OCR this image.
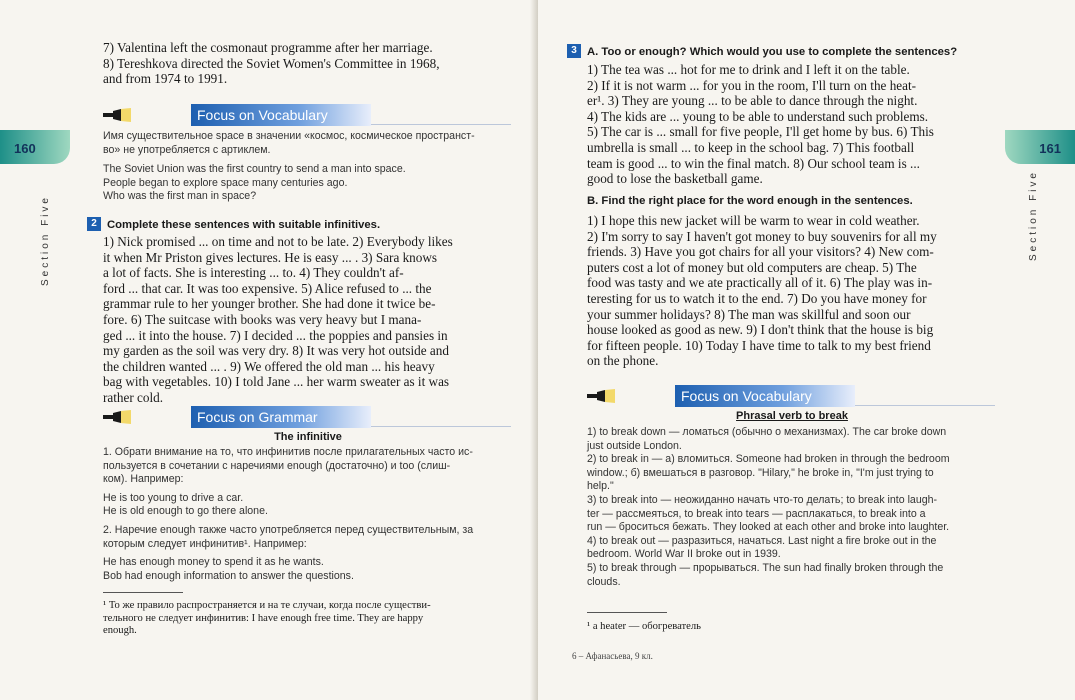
160
Section Five

7) Valentina left the cosmonaut programme after her marriage.

8) Tereshkova directed the Soviet Women's Committee in 1968,

and from 1974 to 1991.

Focus on Vocabulary

Имя существительное space в значении «космос, космическое пространст-

во» не употребляется с артиклем.

The Soviet Union was the first country to send a man into space.

People began to explore space many centuries ago.

Who was the first man in space?

2 Complete these sentences with suitable infinitives.

1) Nick promised ... on time and not to be late. 2) Everybody likes

it when Mr Priston gives lectures. He is easy ... . 3) Sara knows

a lot of facts. She is interesting ... to. 4) They couldn't af-

ford ... that car. It was too expensive. 5) Alice refused to ... the

grammar rule to her younger brother. She had done it twice be-

fore. 6) The suitcase with books was very heavy but I mana-

ged ... it into the house. 7) I decided ... the poppies and pansies in

my garden as the soil was very dry. 8) It was very hot outside and

the children wanted ... . 9) We offered the old man ... his heavy

bag with vegetables. 10) I told Jane ... her warm sweater as it was

rather cold.

Focus on Grammar
The infinitive

1. Обрати внимание на то, что инфинитив после прилагательных часто ис-

пользуется в сочетании с наречиями enough (достаточно) и too (слиш-

ком). Например:

He is too young to drive a car.

He is old enough to go there alone.

2. Наречие enough также часто употребляется перед существительным, за

которым следует инфинитив¹. Например:

He has enough money to spend it as he wants.

Bob had enough information to answer the questions.

¹ То же правило распространяется и на те случаи, когда после существи-

тельного не следует инфинитив: I have enough free time. They are happy

enough.

161
Section Five
3 A. Too or enough? Which would you use to complete the sentences?

1) The tea was ... hot for me to drink and I left it on the table.

2) If it is not warm ... for you in the room, I'll turn on the heat-

er¹. 3) They are young ... to be able to dance through the night.

4) The kids are ... young to be able to understand such problems.

5) The car is ... small for five people, I'll get home by bus. 6) This

umbrella is small ... to keep in the school bag. 7) This football

team is good ... to win the final match. 8) Our school team is ...

good to lose the basketball game.

B. Find the right place for the word enough in the sentences.

1) I hope this new jacket will be warm to wear in cold weather.

2) I'm sorry to say I haven't got money to buy souvenirs for all my

friends. 3) Have you got chairs for all your visitors? 4) New com-

puters cost a lot of money but old computers are cheap. 5) The

food was tasty and we ate practically all of it. 6) The play was in-

teresting for us to watch it to the end. 7) Do you have money for

your summer holidays? 8) The man was skillful and soon our

house looked as good as new. 9) I don't think that the house is big

for fifteen people. 10) Today I have time to talk to my best friend

on the phone.

Focus on Vocabulary
Phrasal verb to break

1) to break down — ломаться (обычно о механизмах). The car broke down

just outside London.

2) to break in — а) вломиться. Someone had broken in through the bedroom

window.; б) вмешаться в разговор. "Hilary," he broke in, "I'm just trying to

help."

3) to break into — неожиданно начать что-то делать; to break into laugh-

ter — рассмеяться, to break into tears — расплакаться, to break into a

run — броситься бежать. They looked at each other and broke into laughter.

4) to break out — разразиться, начаться. Last night a fire broke out in the

bedroom. World War II broke out in 1939.

5) to break through — прорываться. The sun had finally broken through the

clouds.

¹ a heater — обогреватель
6 – Афанасьева, 9 кл.
